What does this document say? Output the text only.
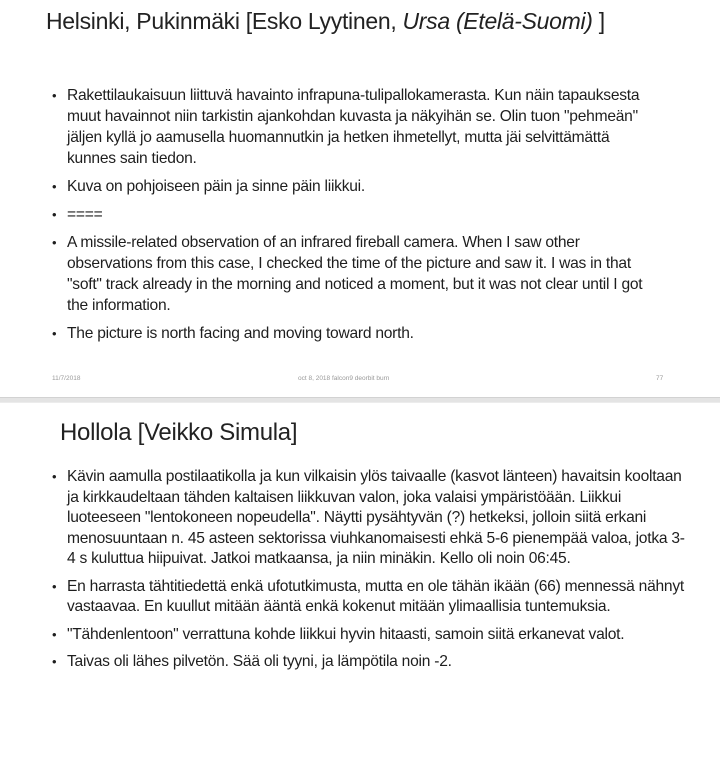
Helsinki, Pukinmäki [Esko Lyytinen, Ursa (Etelä-Suomi) ]
• Rakettilaukaisuun liittuvä havainto infrapuna-tulipallokamerasta. Kun näin tapauksesta muut havainnot niin tarkistin ajankohdan kuvasta ja näkyihän se. Olin tuon "pehmeän" jäljen kyllä jo aamusella huomannutkin ja hetken ihmetellyt, mutta jäi selvittämättä kunnes sain tiedon.
• Kuva on pohjoiseen päin ja sinne päin liikkui.
• ====
• A missile-related observation of an infrared fireball camera. When I saw other observations from this case, I checked the time of the picture and saw it. I was in that "soft" track already in the morning and noticed a moment, but it was not clear until I got the information.
• The picture is north facing and moving toward north.
11/7/2018	oct 8, 2018 falcon9 deorbit burn	77
Hollola [Veikko Simula]
• Kävin aamulla postilaatikolla ja kun vilkaisin ylös taivaalle (kasvot länteen) havaitsin kooltaan ja kirkkaudeltaan tähden kaltaisen liikkuvan valon, joka valaisi ympäristöään. Liikkui luoteeseen "lentokoneen nopeudella". Näytti pysähtyvän (?) hetkeksi, jolloin siitä erkani menosuuntaan n. 45 asteen sektorissa viuhkanomaisesti ehkä 5-6 pienempää valoa, jotka 3-4 s kuluttua hiipuivat. Jatkoi matkaansa, ja niin minäkin. Kello oli noin 06:45.
• En harrasta tähtitiedettä enkä ufotutkimusta, mutta en ole tähän ikään (66) mennessä nähnyt vastaavaa. En kuullut mitään ääntä enkä kokenut mitään ylimaallisia tuntemuksia.
• "Tähdenlentoon" verrattuna kohde liikkui hyvin hitaasti, samoin siitä erkanevat valot.
• Taivas oli lähes pilvetön. Sää oli tyyni, ja lämpötila noin -2.
